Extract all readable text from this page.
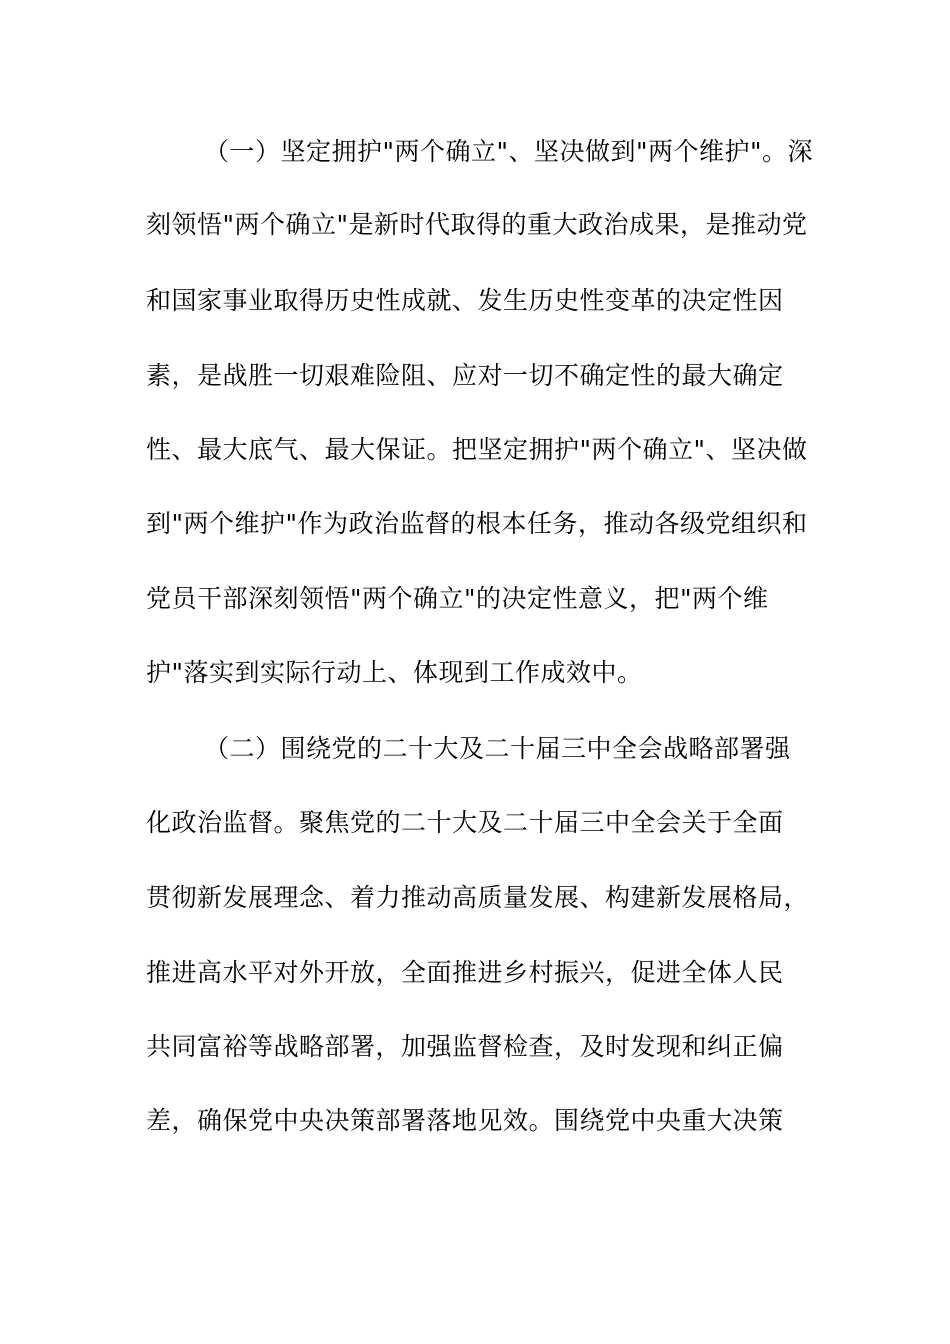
（一）坚定拥护"两个确立"、坚决做到"两个维护"。深
刻领悟"两个确立"是新时代取得的重大政治成果，是推动党
和国家事业取得历史性成就、发生历史性变革的决定性因
素，是战胜一切艰难险阻、应对一切不确定性的最大确定
性、最大底气、最大保证。把坚定拥护"两个确立"、坚决做
到"两个维护"作为政治监督的根本任务，推动各级党组织和
党员干部深刻领悟"两个确立"的决定性意义，把"两个维
护"落实到实际行动上、体现到工作成效中。
（二）围绕党的二十大及二十届三中全会战略部署强
化政治监督。聚焦党的二十大及二十届三中全会关于全面
贯彻新发展理念、着力推动高质量发展、构建新发展格局，
推进高水平对外开放，全面推进乡村振兴，促进全体人民
共同富裕等战略部署，加强监督检查，及时发现和纠正偏
差，确保党中央决策部署落地见效。围绕党中央重大决策
